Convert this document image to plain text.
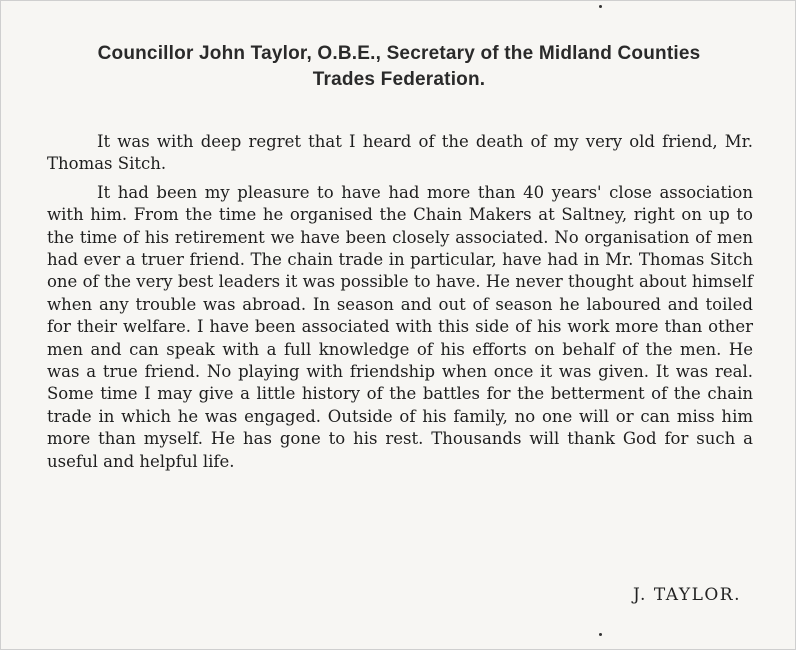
Councillor John Taylor, O.B.E., Secretary of the Midland Counties
Trades Federation.

It was with deep regret that I heard of the death of my very old friend, Mr. Thomas Sitch.

It had been my pleasure to have had more than 40 years' close association with him. From the time he organised the Chain Makers at Saltney, right on up to the time of his retirement we have been closely associated. No organisation of men had ever a truer friend. The chain trade in particular, have had in Mr. Thomas Sitch one of the very best leaders it was possible to have. He never thought about himself when any trouble was abroad. In season and out of season he laboured and toiled for their welfare. I have been associated with this side of his work more than other men and can speak with a full knowledge of his efforts on behalf of the men. He was a true friend. No playing with friendship when once it was given. It was real. Some time I may give a little history of the battles for the betterment of the chain trade in which he was engaged. Outside of his family, no one will or can miss him more than myself. He has gone to his rest. Thousands will thank God for such a useful and helpful life.

J. TAYLOR.
